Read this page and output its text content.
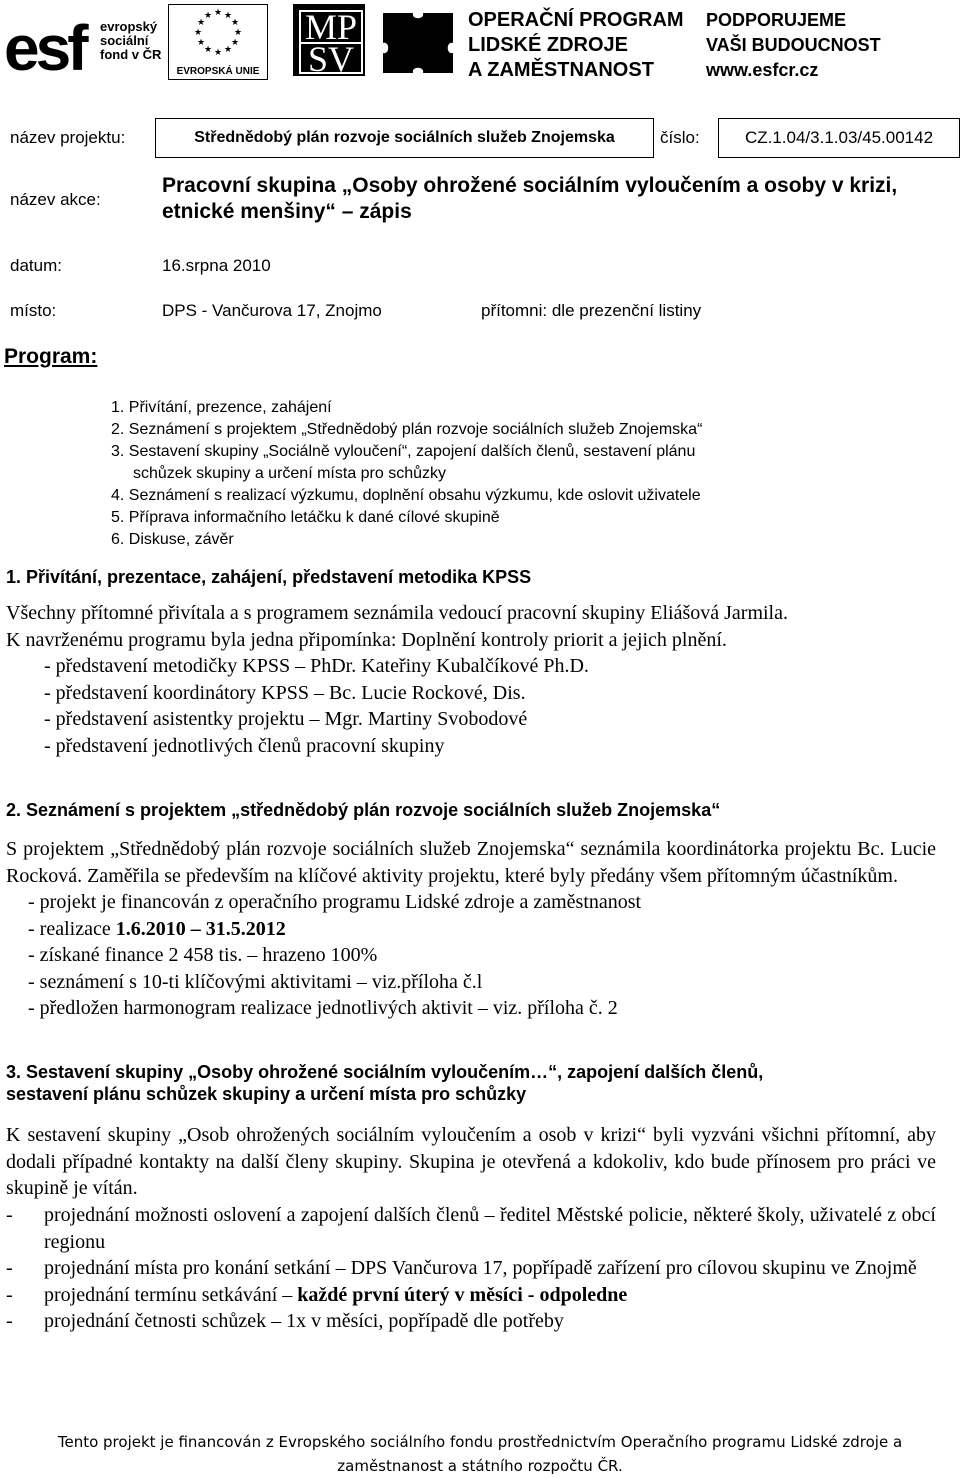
esf	evropský
sociální
fond v ČR
★ ★
★
★
★
★
★
★
★
★
★
★
EVROPSKÁ UNIE
MP
SV
OPERAČNÍ PROGRAM
LIDSKÉ ZDROJE
A ZAMĚSTNANOST
PODPORUJEME
VAŠI BUDOUCNOST
www.esfcr.cz
název projektu:	Střednědobý plán rozvoje sociálních služeb Znojemska	číslo:	CZ.1.04/3.1.03/45.00142
název akce:
Pracovní skupina „Osoby ohrožené sociálním vyloučením a osoby v krizi, etnické menšiny“ – zápis
datum:	16.srpna 2010
místo:	DPS - Vančurova 17, Znojmo	přítomni: dle prezenční listiny
Program:
1. Přivítání, prezence, zahájení
2. Seznámení s projektem „Střednědobý plán rozvoje sociálních služeb Znojemska“
3. Sestavení skupiny „Sociálně vyloučení“, zapojení dalších členů, sestavení plánu
schůzek skupiny a určení místa pro schůzky
4. Seznámení s realizací výzkumu, doplnění obsahu výzkumu, kde oslovit uživatele
5. Příprava informačního letáčku k dané cílové skupině
6. Diskuse, závěr
1. Přivítání, prezentace, zahájení, představení metodika KPSS
Všechny přítomné přivítala a s programem seznámila vedoucí pracovní skupiny Eliášová Jarmila.
K navrženému programu byla jedna připomínka: Doplnění kontroly priorit a jejich plnění.
- představení metodičky KPSS – PhDr. Kateřiny Kubalčíkové Ph.D.
- představení koordinátory KPSS – Bc. Lucie Rockové, Dis.
- představení asistentky projektu – Mgr. Martiny Svobodové
- představení jednotlivých členů pracovní skupiny
2. Seznámení s projektem „střednědobý plán rozvoje sociálních služeb Znojemska“
S projektem „Střednědobý plán rozvoje sociálních služeb Znojemska“ seznámila koordinátorka projektu Bc. Lucie Rocková. Zaměřila se především na klíčové aktivity projektu, které byly předány všem přítomným účastníkům.
- projekt je financován z operačního programu Lidské zdroje a zaměstnanost
- realizace 1.6.2010 – 31.5.2012
- získané finance 2 458 tis. – hrazeno 100%
- seznámení s 10-ti klíčovými aktivitami – viz.příloha č.l
- předložen harmonogram realizace jednotlivých aktivit – viz. příloha č. 2
3. Sestavení skupiny „Osoby ohrožené sociálním vyloučením…“, zapojení dalších členů,
sestavení plánu schůzek skupiny a určení místa pro schůzky
K sestavení skupiny „Osob ohrožených sociálním vyloučením a osob v krizi“ byli vyzváni všichni přítomní, aby dodali případné kontakty na další členy skupiny. Skupina je otevřená a kdokoliv, kdo bude přínosem pro práci ve skupině je vítán.
-	projednání možnosti oslovení a zapojení dalších členů – ředitel Městské policie, některé školy, uživatelé z obcí regionu
-	projednání místa pro konání setkání – DPS Vančurova 17, popřípadě zařízení pro cílovou skupinu ve Znojmě
-	projednání termínu setkávání – každé první úterý v měsíci - odpoledne
-	projednání četnosti schůzek – 1x v měsíci, popřípadě dle potřeby
Tento projekt je financován z Evropského sociálního fondu prostřednictvím Operačního programu Lidské zdroje a
zaměstnanost a státního rozpočtu ČR.
